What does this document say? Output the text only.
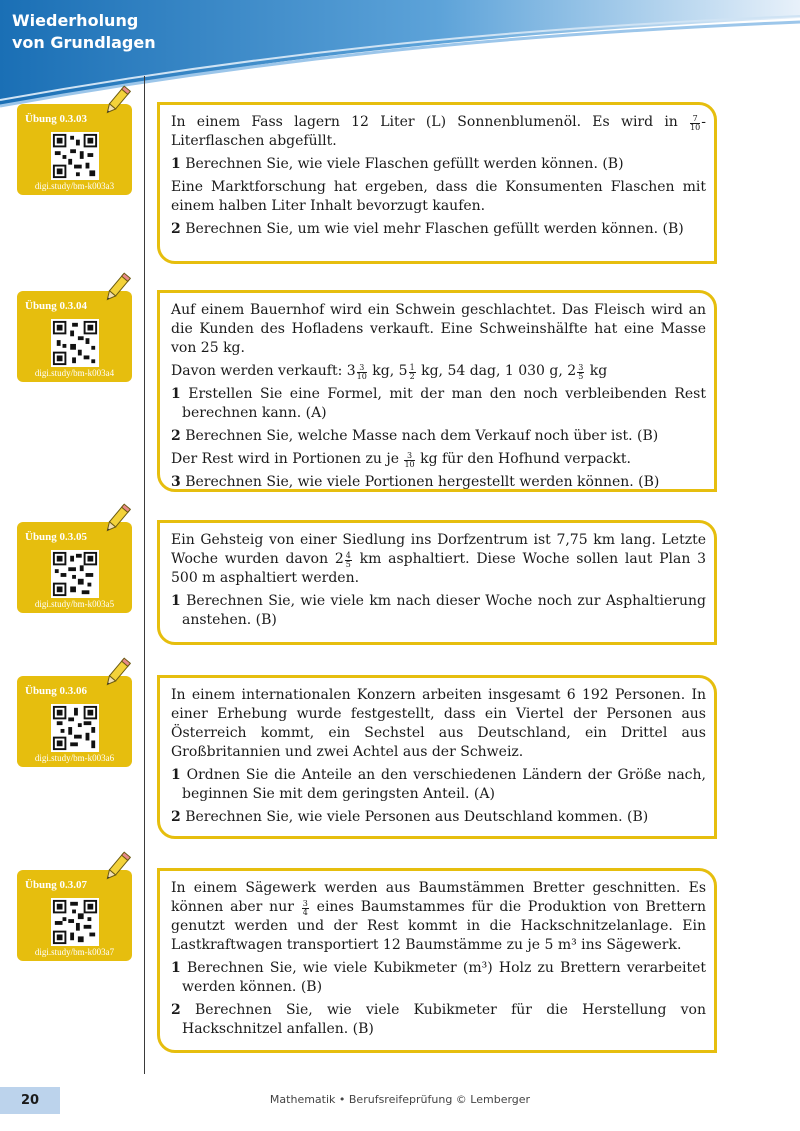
Wiederholung
von Grundlagen
Übung 0.3.03
digi.study/bm-k003a3

In einem Fass lagern 12 Liter (L) Sonnenblumenöl. Es wird in $\frac{7}{10}$ -Literflaschen abgefüllt.

1 Berechnen Sie, wie viele Flaschen gefüllt werden können. (B)

Eine Marktforschung hat ergeben, dass die Konsumenten Flaschen mit einem halben Liter Inhalt bevorzugt kaufen.

2 Berechnen Sie, um wie viel mehr Flaschen gefüllt werden können. (B)

Übung 0.3.04
digi.study/bm-k003a4

Auf einem Bauernhof wird ein Schwein geschlachtet. Das Fleisch wird an die Kunden des Hofladens verkauft. Eine Schweinshälfte hat eine Masse von 25 kg.

Davon werden verkauft: $3 \frac{3}{10}$ kg, $5 \frac{1}{2}$ kg, 54 dag, 1 030 g, $2 \frac{3}{5}$ kg

1 Erstellen Sie eine Formel, mit der man den noch verbleibenden Rest berechnen kann. (A)

2 Berechnen Sie, welche Masse nach dem Verkauf noch über ist. (B)

Der Rest wird in Portionen zu je $\frac{3}{10}$ kg für den Hofhund verpackt.

3 Berechnen Sie, wie viele Portionen hergestellt werden können. (B)

Übung 0.3.05
digi.study/bm-k003a5

Ein Gehsteig von einer Siedlung ins Dorfzentrum ist 7,75 km lang. Letzte Woche wurden davon $2 \frac{4}{5}$ km asphaltiert. Diese Woche sollen laut Plan 3 500 m asphaltiert werden.

1 Berechnen Sie, wie viele km nach dieser Woche noch zur Asphaltierung anstehen. (B)

Übung 0.3.06
digi.study/bm-k003a6

In einem internationalen Konzern arbeiten insgesamt 6 192 Personen. In einer Erhebung wurde festgestellt, dass ein Viertel der Personen aus Österreich kommt, ein Sechstel aus Deutschland, ein Drittel aus Großbritannien und zwei Achtel aus der Schweiz.

1 Ordnen Sie die Anteile an den verschiedenen Ländern der Größe nach, beginnen Sie mit dem geringsten Anteil. (A)

2 Berechnen Sie, wie viele Personen aus Deutschland kommen. (B)

Übung 0.3.07
digi.study/bm-k003a7

In einem Sägewerk werden aus Baumstämmen Bretter geschnitten. Es können aber nur $\frac{3}{4}$ eines Baumstammes für die Produktion von Brettern genutzt werden und der Rest kommt in die Hackschnitzelanlage. Ein Lastkraftwagen transportiert 12 Baumstämme zu je 5 m³ ins Sägewerk.

1 Berechnen Sie, wie viele Kubikmeter (m³) Holz zu Brettern verarbeitet werden können. (B)

2 Berechnen Sie, wie viele Kubikmeter für die Herstellung von Hackschnitzel anfallen. (B)

20	Mathematik • Berufsreifeprüfung © Lemberger
